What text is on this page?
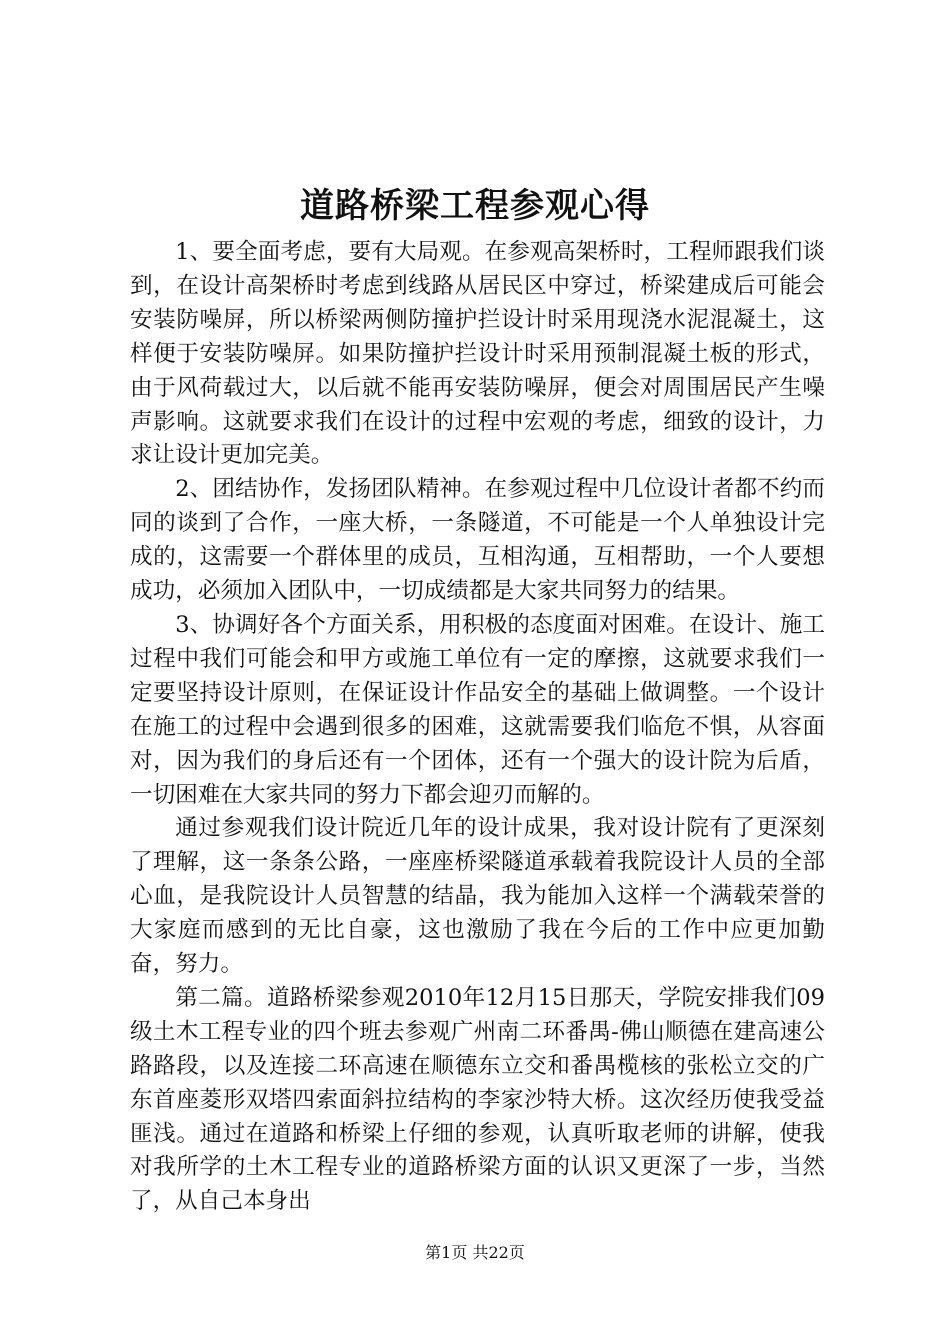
道路桥梁工程参观心得

1、要全面考虑，要有大局观。在参观高架桥时，工程师跟我们谈到，在设计高架桥时考虑到线路从居民区中穿过，桥梁建成后可能会安装防噪屏，所以桥梁两侧防撞护拦设计时采用现浇水泥混凝土，这样便于安装防噪屏。如果防撞护拦设计时采用预制混凝土板的形式，由于风荷载过大，以后就不能再安装防噪屏，便会对周围居民产生噪声影响。这就要求我们在设计的过程中宏观的考虑，细致的设计，力求让设计更加完美。

2、团结协作，发扬团队精神。在参观过程中几位设计者都不约而同的谈到了合作，一座大桥，一条隧道，不可能是一个人单独设计完成的，这需要一个群体里的成员，互相沟通，互相帮助，一个人要想成功，必须加入团队中，一切成绩都是大家共同努力的结果。

3、协调好各个方面关系，用积极的态度面对困难。在设计、施工过程中我们可能会和甲方或施工单位有一定的摩擦，这就要求我们一定要坚持设计原则，在保证设计作品安全的基础上做调整。一个设计在施工的过程中会遇到很多的困难，这就需要我们临危不惧，从容面对，因为我们的身后还有一个团体，还有一个强大的设计院为后盾，一切困难在大家共同的努力下都会迎刃而解的。

通过参观我们设计院近几年的设计成果，我对设计院有了更深刻了理解，这一条条公路，一座座桥梁隧道承载着我院设计人员的全部心血，是我院设计人员智慧的结晶，我为能加入这样一个满载荣誉的大家庭而感到的无比自豪，这也激励了我在今后的工作中应更加勤奋，努力。

第二篇。道路桥梁参观2010年12月15日那天，学院安排我们09级土木工程专业的四个班去参观广州南二环番禺-佛山顺德在建高速公路路段，以及连接二环高速在顺德东立交和番禺榄核的张松立交的广东首座菱形双塔四索面斜拉结构的李家沙特大桥。这次经历使我受益匪浅。通过在道路和桥梁上仔细的参观，认真听取老师的讲解，使我对我所学的土木工程专业的道路桥梁方面的认识又更深了一步，当然了，从自己本身出

第1页 共22页
